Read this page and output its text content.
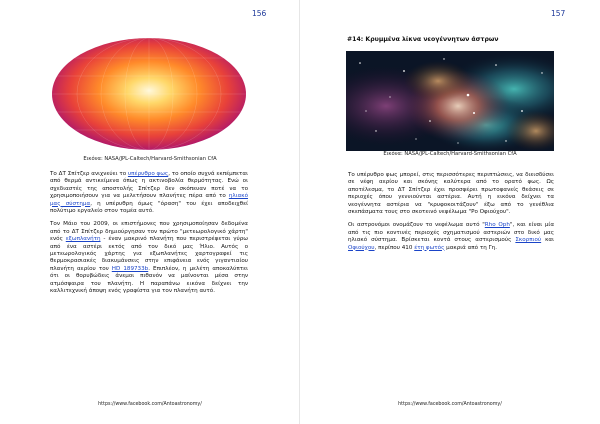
156
Εικόνα: NASA/JPL-Caltech/Harvard-Smithsonian CfA

Το ΔΤ Σπίτζερ ανιχνεύει το υπέρυθρο φως, το οποίο συχνά εκπέμπεται από θερμά αντικείμενα όπως η ακτινοβολία θερμότητας. Ενώ οι σχεδιαστές της αποστολής Σπίτζερ δεν σκόπευαν ποτέ να το χρησιμοποιήσουν για να μελετήσουν πλανήτες πέρα από το ηλιακό μας σύστημα, η υπέρυθρη όμως "όραση" του έχει αποδειχθεί πολύτιμο εργαλείο στον τομέα αυτό.

Τον Μάιο του 2009, οι επιστήμονες που χρησιμοποίησαν δεδομένα από το ΔΤ Σπίτζερ δημιούργησαν τον πρώτο "μετεωρολογικό χάρτη" ενός εξωπλανήτη - έναν μακρινό πλανήτη που περιστρέφεται γύρω από ένα αστέρι εκτός από τον δικό μας Ήλιο. Αυτός ο μετεωρολογικός χάρτης για εξωπλανήτες χαρτογραφεί τις θερμοκρασιακές διακυμάνσεις στην επιφάνεια ενός γιγαντιαίου πλανήτη αερίου τον HD 189733b. Επιπλέον, η μελέτη αποκαλύπτει ότι οι θορυβώδεις άνεμοι πιθανόν να μαίνονται μέσα στην ατμόσφαιρα του πλανήτη. Η παραπάνω εικόνα δείχνει την καλλιτεχνική άποψη ενός γραφίστα για τον πλανήτη αυτό.

https://www.facebook.com/Antoastronomy/
157
#14: Κρυμμένα λίκνα νεογέννητων άστρων
Εικόνα: NASA/JPL-Caltech/Harvard-Smithsonian CfA

Το υπέρυθρο φως μπορεί, στις περισσότερες περιπτώσεις, να διεισδύσει σε νέφη αερίου και σκόνης καλύτερα από το ορατό φως. Ως αποτέλεσμα, το ΔΤ Σπίτζερ έχει προσφέρει πρωτοφανείς θεάσεις σε περιοχές όπου γεννιούνται αστέρια. Αυτή η εικόνα δείχνει τα νεογέννητα αστέρια να "κρυφοκοιτάζουν" έξω από το γενέθλια σκεπάσματα τους στο σκοτεινό νεφέλωμα "Ρο Οφιούχου".

Οι αστρονόμοι ονομάζουν το νεφέλωμα αυτό "Rho Oph", και είναι μία από τις πιο κοντινές περιοχές σχηματισμού αστεριών στο δικό μας ηλιακό σύστημα. Βρίσκεται κοντά στους αστερισμούς Σκορπιού και Οφιούχου, περίπου 410 έτη φωτός μακριά από τη Γη.

https://www.facebook.com/Antoastronomy/
